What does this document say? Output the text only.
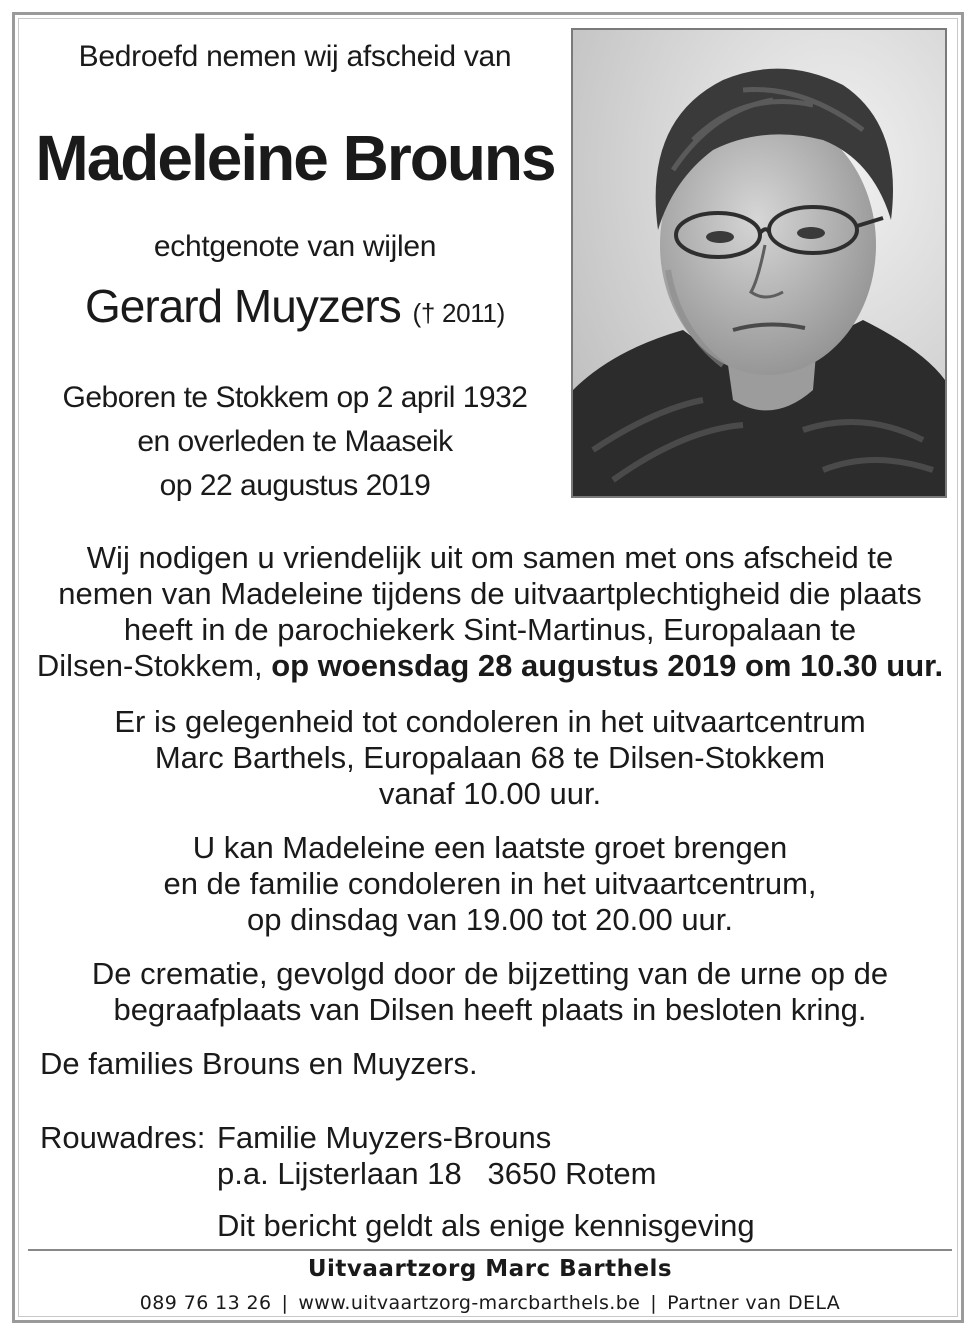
Bedroefd nemen wij afscheid van
Madeleine Brouns
echtgenote van wijlen
Gerard Muyzers († 2011)
Geboren te Stokkem op 2 april 1932
en overleden te Maaseik
op 22 augustus 2019
Wij nodigen u vriendelijk uit om samen met ons afscheid te
nemen van Madeleine tijdens de uitvaartplechtigheid die plaats
heeft in de parochiekerk Sint-Martinus, Europalaan te
Dilsen-Stokkem, op woensdag 28 augustus 2019 om 10.30 uur.
Er is gelegenheid tot condoleren in het uitvaartcentrum
Marc Barthels, Europalaan 68 te Dilsen-Stokkem
vanaf 10.00 uur.
U kan Madeleine een laatste groet brengen
en de familie condoleren in het uitvaartcentrum,
op dinsdag van 19.00 tot 20.00 uur.
De crematie, gevolgd door de bijzetting van de urne op de
begraafplaats van Dilsen heeft plaats in besloten kring.
De families Brouns en Muyzers.
Rouwadres: Familie Muyzers-Brouns
p.a. Lijsterlaan 18   3650 Rotem
Dit bericht geldt als enige kennisgeving
Uitvaartzorg Marc Barthels
089 76 13 26 | www.uitvaartzorg-marcbarthels.be | Partner van DELA
